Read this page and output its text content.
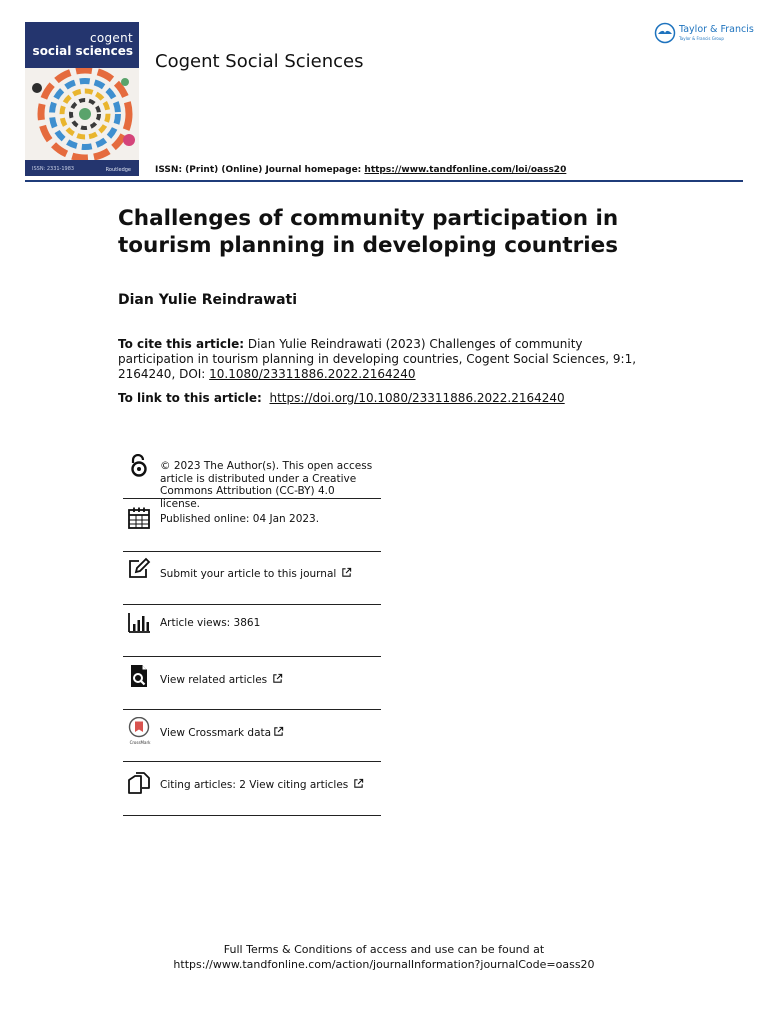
cogent
social sciences
ISSN: 2331-1983	Routledge
Cogent Social Sciences
Taylor & Francis
Taylor & Francis Group
ISSN: (Print) (Online) Journal homepage: https://www.tandfonline.com/loi/oass20
Challenges of community participation in tourism planning in developing countries
Dian Yulie Reindrawati
To cite this article: Dian Yulie Reindrawati (2023) Challenges of community participation in tourism planning in developing countries, Cogent Social Sciences, 9:1, 2164240, DOI: 10.1080/23311886.2022.2164240
To link to this article: https://doi.org/10.1080/23311886.2022.2164240
© 2023 The Author(s). This open access article is distributed under a Creative Commons Attribution (CC-BY) 4.0 license.
Published online: 04 Jan 2023.
Submit your article to this journal
Article views: 3861
View related articles
CrossMark
View Crossmark data
Citing articles: 2 View citing articles
Full Terms & Conditions of access and use can be found at
https://www.tandfonline.com/action/journalInformation?journalCode=oass20
